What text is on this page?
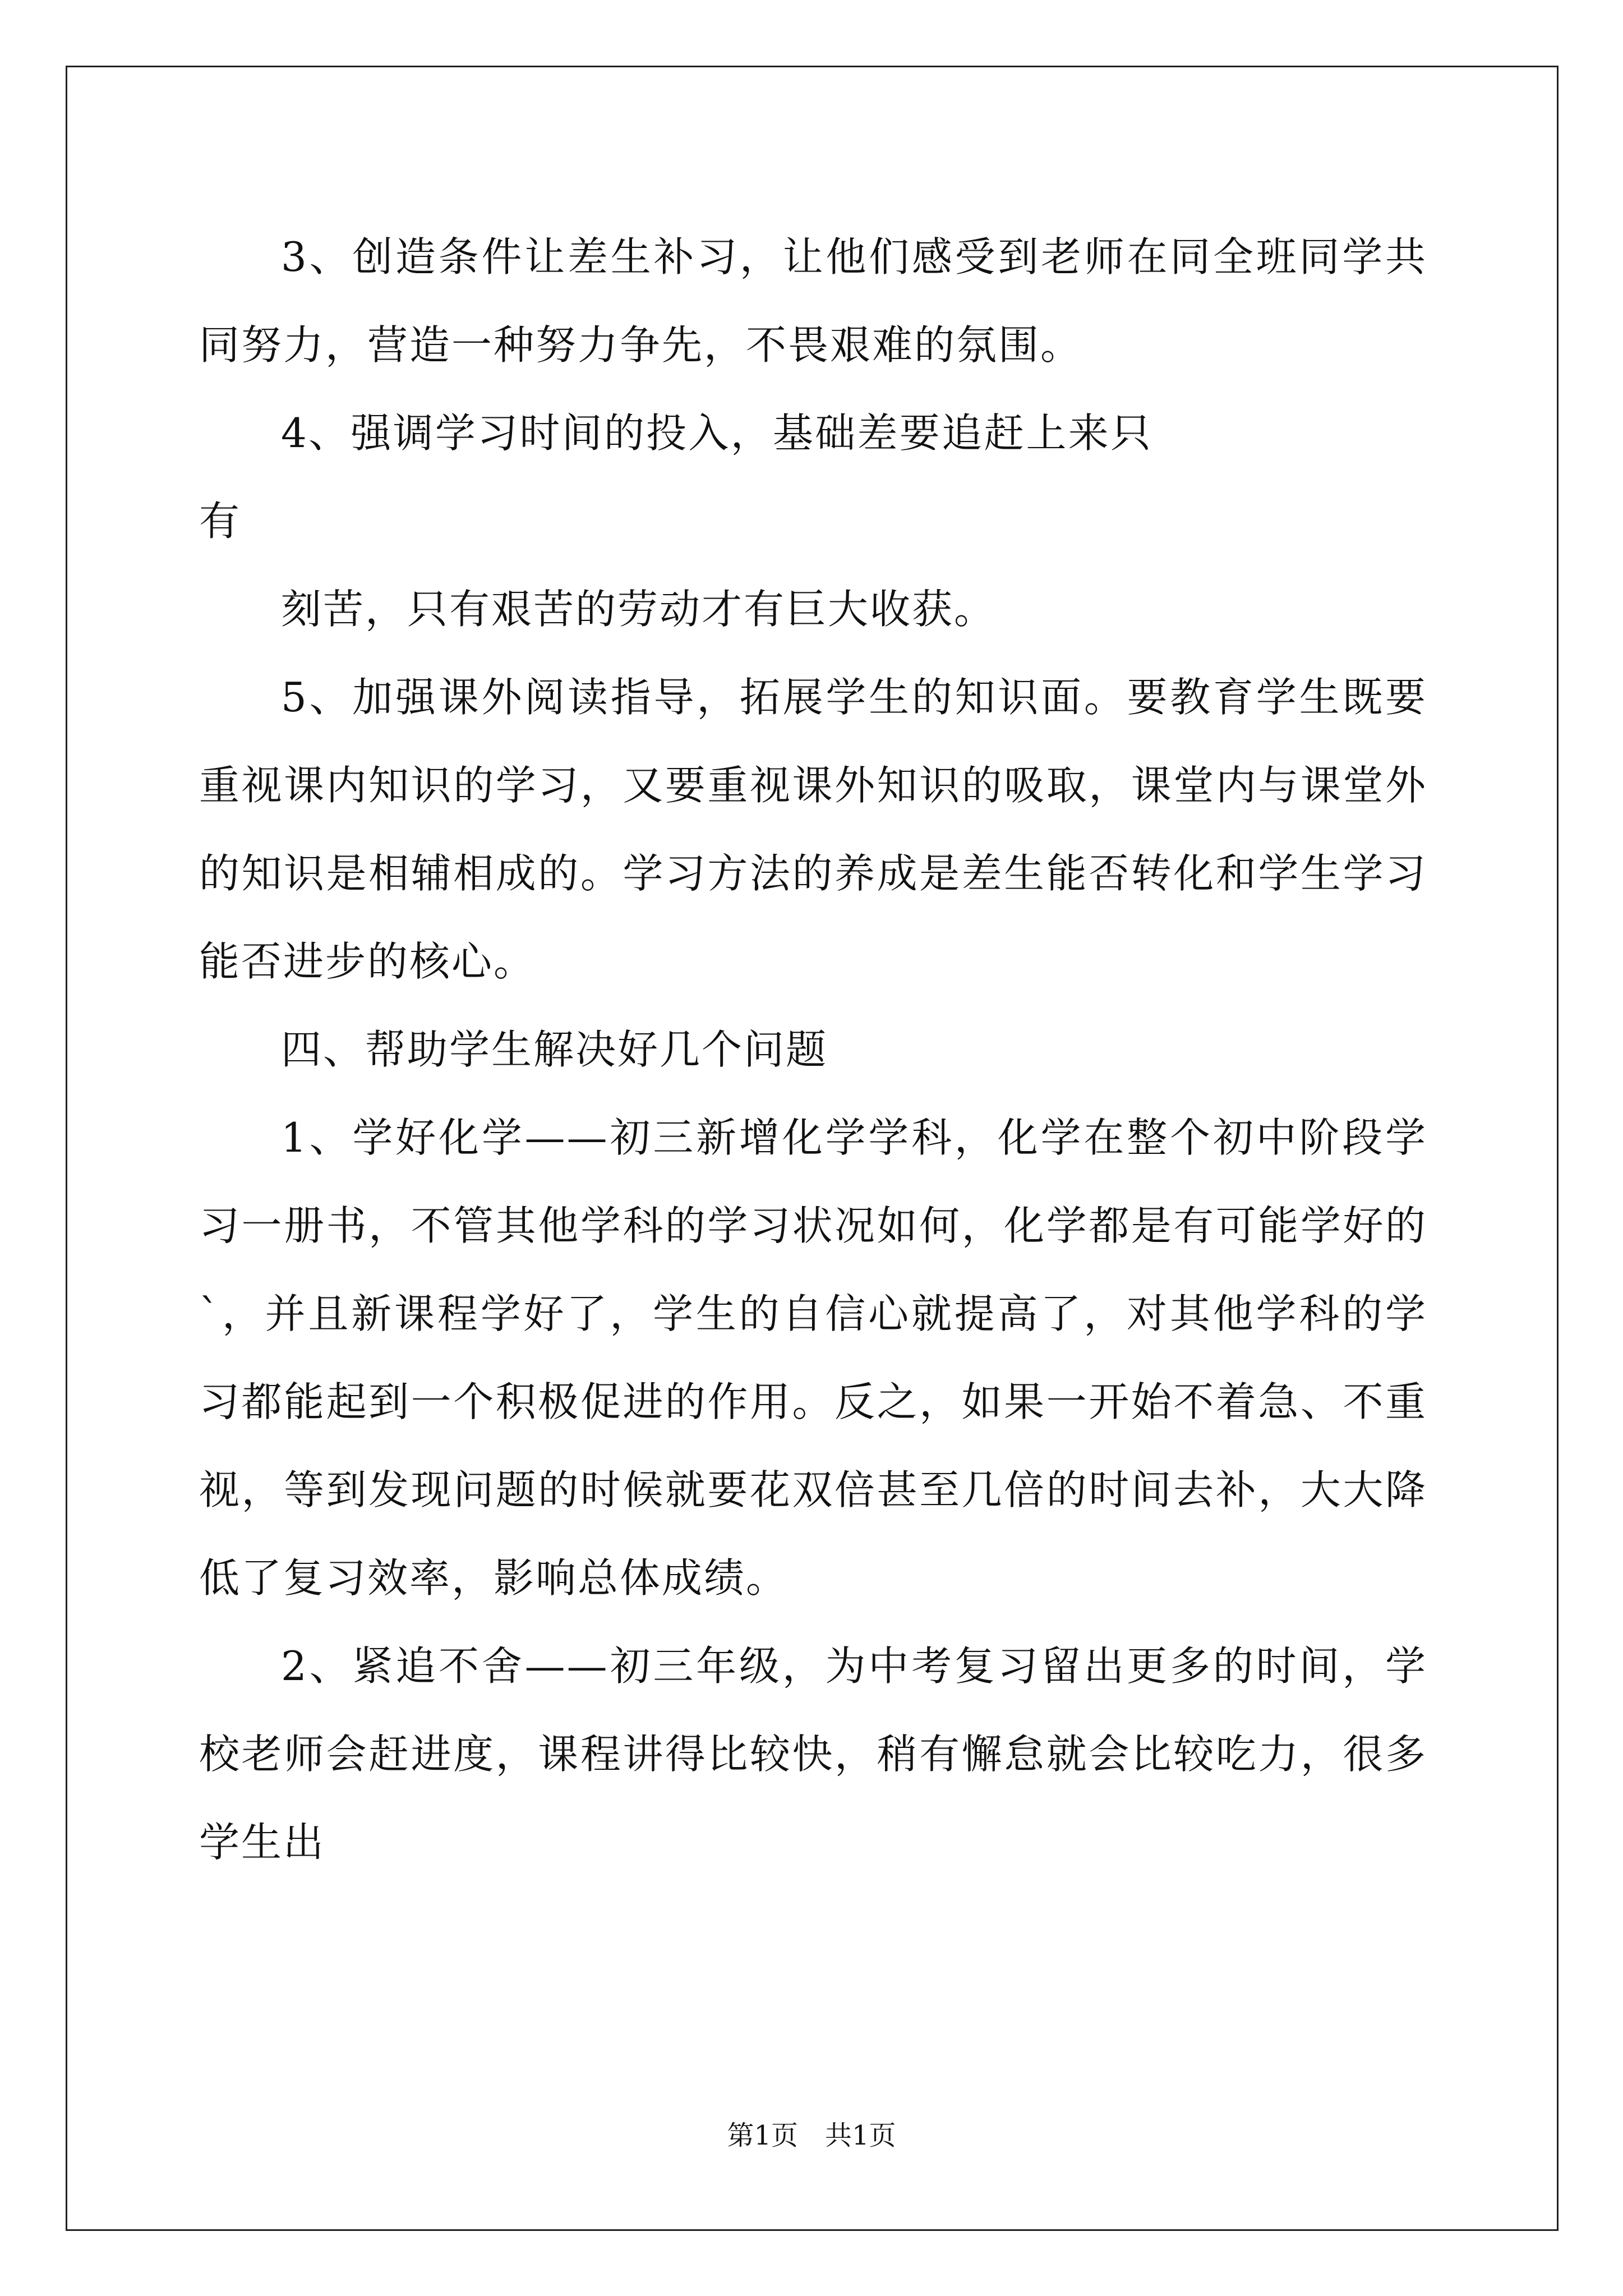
3、创造条件让差生补习，让他们感受到老师在同全班同学共同努力，营造一种努力争先，不畏艰难的氛围。

4、强调学习时间的投入，基础差要追赶上来只有

刻苦，只有艰苦的劳动才有巨大收获。

5、加强课外阅读指导，拓展学生的知识面。要教育学生既要重视课内知识的学习，又要重视课外知识的吸取，课堂内与课堂外的知识是相辅相成的。学习方法的养成是差生能否转化和学生学习能否进步的核心。

四、帮助学生解决好几个问题

1、学好化学——初三新增化学学科，化学在整个初中阶段学习一册书，不管其他学科的学习状况如何，化学都是有可能学好的`，并且新课程学好了，学生的自信心就提高了，对其他学科的学习都能起到一个积极促进的作用。反之，如果一开始不着急、不重视，等到发现问题的时候就要花双倍甚至几倍的时间去补，大大降低了复习效率，影响总体成绩。

2、紧追不舍——初三年级，为中考复习留出更多的时间，学校老师会赶进度，课程讲得比较快，稍有懈怠就会比较吃力，很多学生出

第1页　共1页
